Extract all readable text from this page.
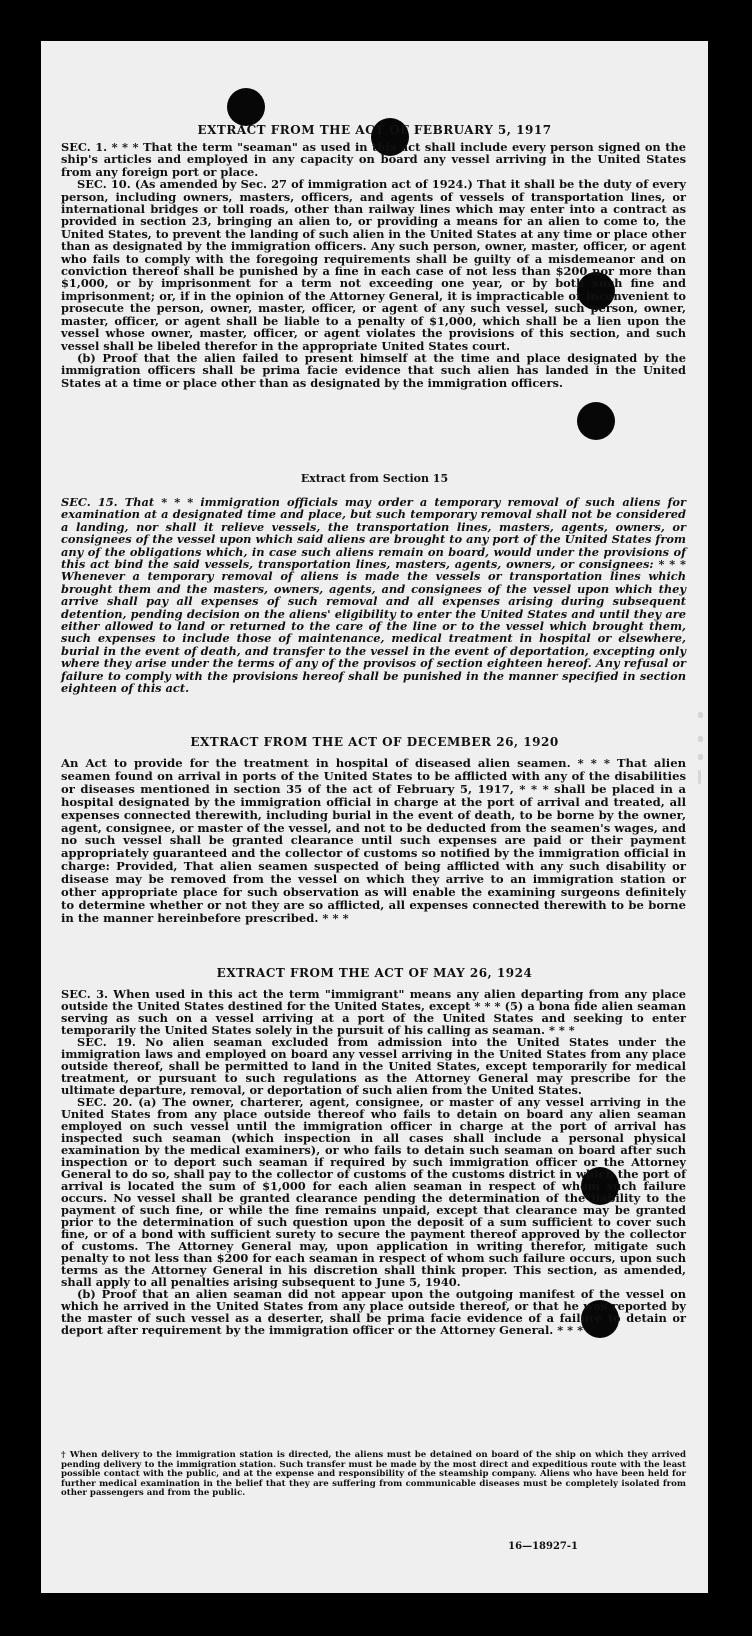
EXTRACT FROM THE ACT OF FEBRUARY 5, 1917

SEC. 1. * * * That the term "seaman" as used in this act shall include every person signed on the ship's articles and employed in any capacity on board any vessel arriving in the United States from any foreign port or place.

SEC. 10. (As amended by Sec. 27 of immigration act of 1924.) That it shall be the duty of every person, including owners, masters, officers, and agents of vessels of transportation lines, or international bridges or toll roads, other than railway lines which may enter into a contract as provided in section 23, bringing an alien to, or providing a means for an alien to come to, the United States, to prevent the landing of such alien in the United States at any time or place other than as designated by the immigration officers. Any such person, owner, master, officer, or agent who fails to comply with the foregoing requirements shall be guilty of a misdemeanor and on conviction thereof shall be punished by a fine in each case of not less than $200 nor more than $1,000, or by imprisonment for a term not exceeding one year, or by both such fine and imprisonment; or, if in the opinion of the Attorney General, it is impracticable or inconvenient to prosecute the person, owner, master, officer, or agent of any such vessel, such person, owner, master, officer, or agent shall be liable to a penalty of $1,000, which shall be a lien upon the vessel whose owner, master, officer, or agent violates the provisions of this section, and such vessel shall be libeled therefor in the appropriate United States court.

(b) Proof that the alien failed to present himself at the time and place designated by the immigration officers shall be prima facie evidence that such alien has landed in the United States at a time or place other than as designated by the immigration officers.

Extract from Section 15

SEC. 15. That * * * immigration officials may order a temporary removal of such aliens for examination at a designated time and place, but such temporary removal shall not be considered a landing, nor shall it relieve vessels, the transportation lines, masters, agents, owners, or consignees of the vessel upon which said aliens are brought to any port of the United States from any of the obligations which, in case such aliens remain on board, would under the provisions of this act bind the said vessels, transportation lines, masters, agents, owners, or consignees: * * * Whenever a temporary removal of aliens is made the vessels or transportation lines which brought them and the masters, owners, agents, and consignees of the vessel upon which they arrive shall pay all expenses of such removal and all expenses arising during subsequent detention, pending decision on the aliens' eligibility to enter the United States and until they are either allowed to land or returned to the care of the line or to the vessel which brought them, such expenses to include those of maintenance, medical treatment in hospital or elsewhere, burial in the event of death, and transfer to the vessel in the event of deportation, excepting only where they arise under the terms of any of the provisos of section eighteen hereof. Any refusal or failure to comply with the provisions hereof shall be punished in the manner specified in section eighteen of this act.

EXTRACT FROM THE ACT OF DECEMBER 26, 1920

An Act to provide for the treatment in hospital of diseased alien seamen. * * * That alien seamen found on arrival in ports of the United States to be afflicted with any of the disabilities or diseases mentioned in section 35 of the act of February 5, 1917, * * * shall be placed in a hospital designated by the immigration official in charge at the port of arrival and treated, all expenses connected therewith, including burial in the event of death, to be borne by the owner, agent, consignee, or master of the vessel, and not to be deducted from the seamen's wages, and no such vessel shall be granted clearance until such expenses are paid or their payment appropriately guaranteed and the collector of customs so notified by the immigration official in charge: Provided, That alien seamen suspected of being afflicted with any such disability or disease may be removed from the vessel on which they arrive to an immigration station or other appropriate place for such observation as will enable the examining surgeons definitely to determine whether or not they are so afflicted, all expenses connected therewith to be borne in the manner hereinbefore prescribed. * * *

EXTRACT FROM THE ACT OF MAY 26, 1924

SEC. 3. When used in this act the term "immigrant" means any alien departing from any place outside the United States destined for the United States, except * * * (5) a bona fide alien seaman serving as such on a vessel arriving at a port of the United States and seeking to enter temporarily the United States solely in the pursuit of his calling as seaman. * * *

SEC. 19. No alien seaman excluded from admission into the United States under the immigration laws and employed on board any vessel arriving in the United States from any place outside thereof, shall be permitted to land in the United States, except temporarily for medical treatment, or pursuant to such regulations as the Attorney General may prescribe for the ultimate departure, removal, or deportation of such alien from the United States.

SEC. 20. (a) The owner, charterer, agent, consignee, or master of any vessel arriving in the United States from any place outside thereof who fails to detain on board any alien seaman employed on such vessel until the immigration officer in charge at the port of arrival has inspected such seaman (which inspection in all cases shall include a personal physical examination by the medical examiners), or who fails to detain such seaman on board after such inspection or to deport such seaman if required by such immigration officer or the Attorney General to do so, shall pay to the collector of customs of the customs district in which the port of arrival is located the sum of $1,000 for each alien seaman in respect of whom such failure occurs. No vessel shall be granted clearance pending the determination of the liability to the payment of such fine, or while the fine remains unpaid, except that clearance may be granted prior to the determination of such question upon the deposit of a sum sufficient to cover such fine, or of a bond with sufficient surety to secure the payment thereof approved by the collector of customs. The Attorney General may, upon application in writing therefor, mitigate such penalty to not less than $200 for each seaman in respect of whom such failure occurs, upon such terms as the Attorney General in his discretion shall think proper. This section, as amended, shall apply to all penalties arising subsequent to June 5, 1940.

(b) Proof that an alien seaman did not appear upon the outgoing manifest of the vessel on which he arrived in the United States from any place outside thereof, or that he was reported by the master of such vessel as a deserter, shall be prima facie evidence of a failure to detain or deport after requirement by the immigration officer or the Attorney General. * * *

† When delivery to the immigration station is directed, the aliens must be detained on board of the ship on which they arrived pending delivery to the immigration station. Such transfer must be made by the most direct and expeditious route with the least possible contact with the public, and at the expense and responsibility of the steamship company. Aliens who have been held for further medical examination in the belief that they are suffering from communicable diseases must be completely isolated from other passengers and from the public.

16—18927-1
